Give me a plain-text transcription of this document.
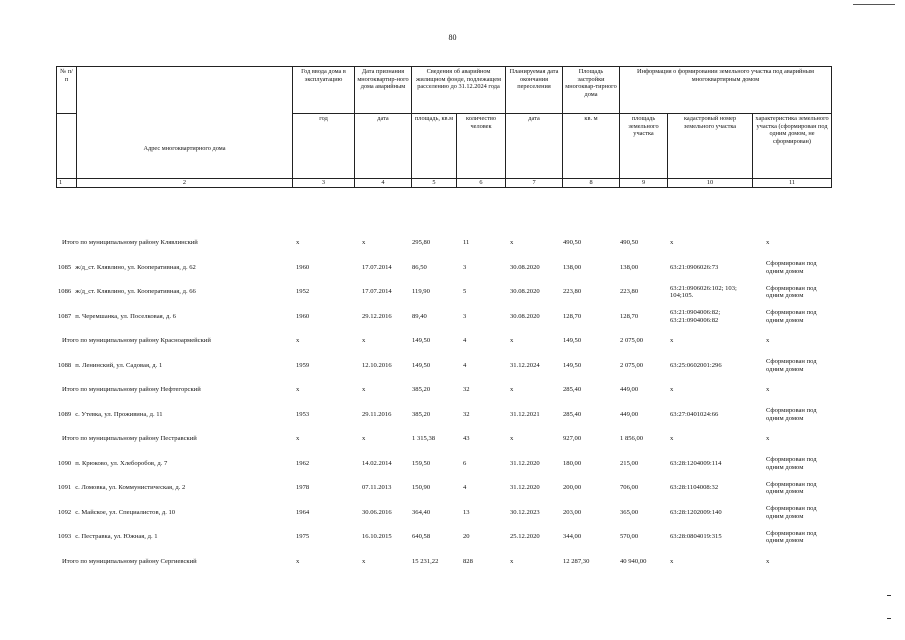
80
№ п/п	Адрес многоквартирного дома	Год ввода дома в эксплуатацию	Дата признания многоквартир-ного дома аварийным	Сведения об аварийном жилищном фонде, подлежащем расселению до 31.12.2024 года		Планируемая дата окончания переселения	Площадь застройки многоквар-тирного дома	Информация о формировании земельного участка под аварийным многоквартирным домом		
								площадь земельного участка	кадастровый номер земельного участка	характеристика земельного участка (сформирован под одним домом, не сформирован)
		год	дата	площадь, кв.м	количество человек	дата	кв. м			
1	2	3	4	5	6	7	8	9	10	11
Итого по муниципальному району Клявлинский	x	x	295,80	11	x	490,50	490,50	x	x
1085 ж/д_ст. Клявлино, ул. Кооперативная, д. 62	1960	17.07.2014	86,50	3	30.08.2020	138,00	138,00	63:21:0906026:73	Сформирован под одним домом
1086 ж/д_ст. Клявлино, ул. Кооперативная, д. 66	1952	17.07.2014	119,90	5	30.08.2020	223,80	223,80	63:21:0906026:102; 103; 104;105.	Сформирован под одним домом
1087 п. Черемшанка, ул. Поселковая, д. 6	1960	29.12.2016	89,40	3	30.08.2020	128,70	128,70	63:21:0904006:82; 63:21:0904006:82	Сформирован под одним домом
Итого по муниципальному району Красноармейский	x	x	149,50	4	x	149,50	2 075,00	x	x
1088 п. Ленинский, ул. Садовая, д. 1	1959	12.10.2016	149,50	4	31.12.2024	149,50	2 075,00	63:25:0602001:296	Сформирован под одним домом
Итого по муниципальному району Нефтегорский	x	x	385,20	32	x	285,40	449,00	x	x
1089 с. Утевка, ул. Проживина, д. 11	1953	29.11.2016	385,20	32	31.12.2021	285,40	449,00	63:27:0401024:66	Сформирован под одним домом
Итого по муниципальному району Пестравский	x	x	1 315,38	43	x	927,00	1 856,00	x	x
1090 п. Крюково, ул. Хлеборобов, д. 7	1962	14.02.2014	159,50	6	31.12.2020	180,00	215,00	63:28:1204009:114	Сформирован под одним домом
1091 с. Ломовка, ул. Коммунистическая, д. 2	1978	07.11.2013	150,90	4	31.12.2020	200,00	706,00	63:28:1104008:32	Сформирован под одним домом
1092 с. Майское, ул. Специалистов, д. 10	1964	30.06.2016	364,40	13	30.12.2023	203,00	365,00	63:28:1202009:140	Сформирован под одним домом
1093 с. Пестравка, ул. Южная, д. 1	1975	16.10.2015	640,58	20	25.12.2020	344,00	570,00	63:28:0804019:315	Сформирован под одним домом
Итого по муниципальному району Сергиевский	x	x	15 231,22	828	x	12 287,30	40 940,00	x	x
